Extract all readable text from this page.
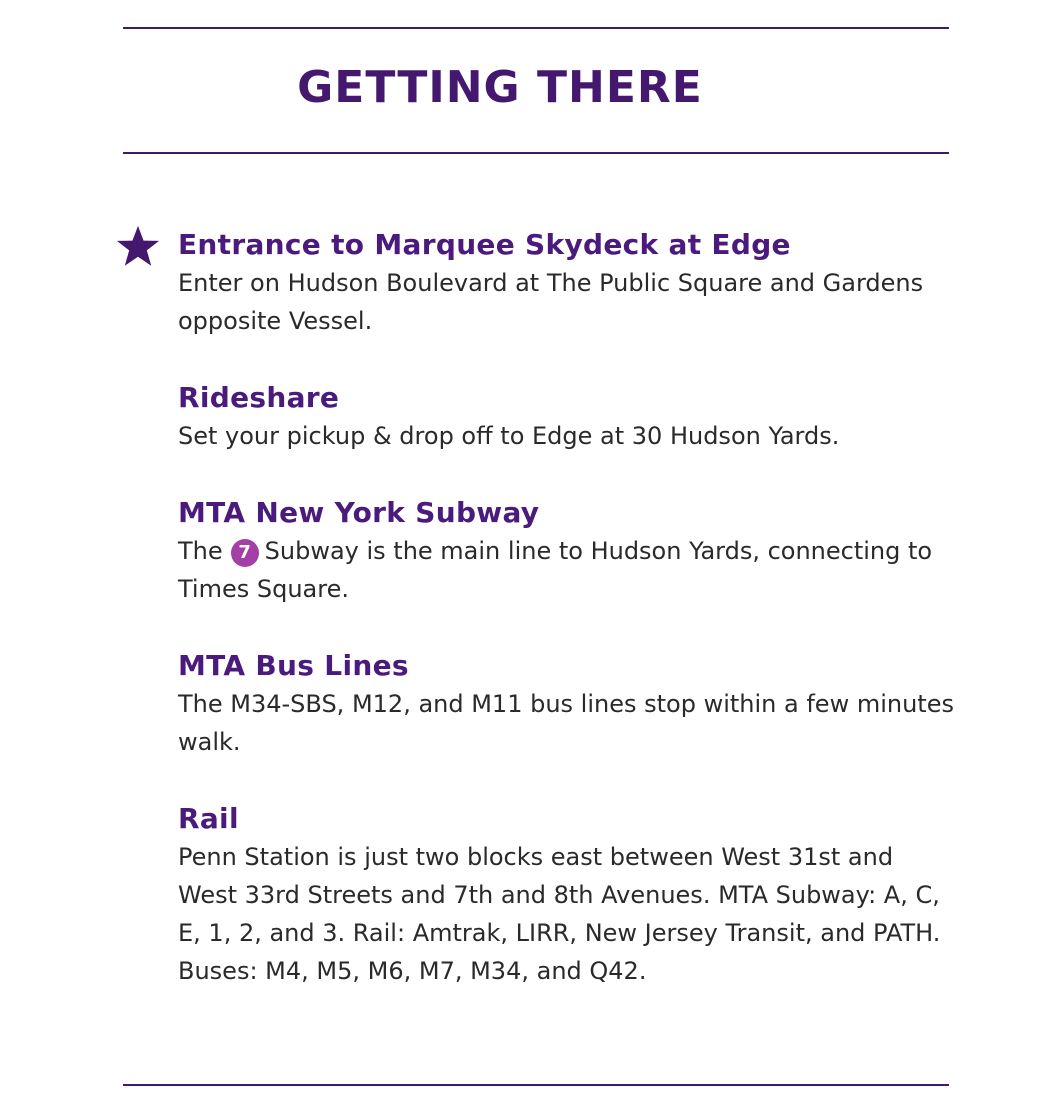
GETTING THERE
Entrance to Marquee Skydeck at Edge

Enter on Hudson Boulevard at The Public Square and Gardens opposite Vessel.

Rideshare

Set your pickup & drop off to Edge at 30 Hudson Yards.

MTA New York Subway

The 7 Subway is the main line to Hudson Yards, connecting to Times Square.

MTA Bus Lines

The M34-SBS, M12, and M11 bus lines stop within a few minutes walk.

Rail

Penn Station is just two blocks east between West 31st and West 33rd Streets and 7th and 8th Avenues. MTA Subway: A, C, E, 1, 2, and 3. Rail: Amtrak, LIRR, New Jersey Transit, and PATH. Buses: M4, M5, M6, M7, M34, and Q42.
